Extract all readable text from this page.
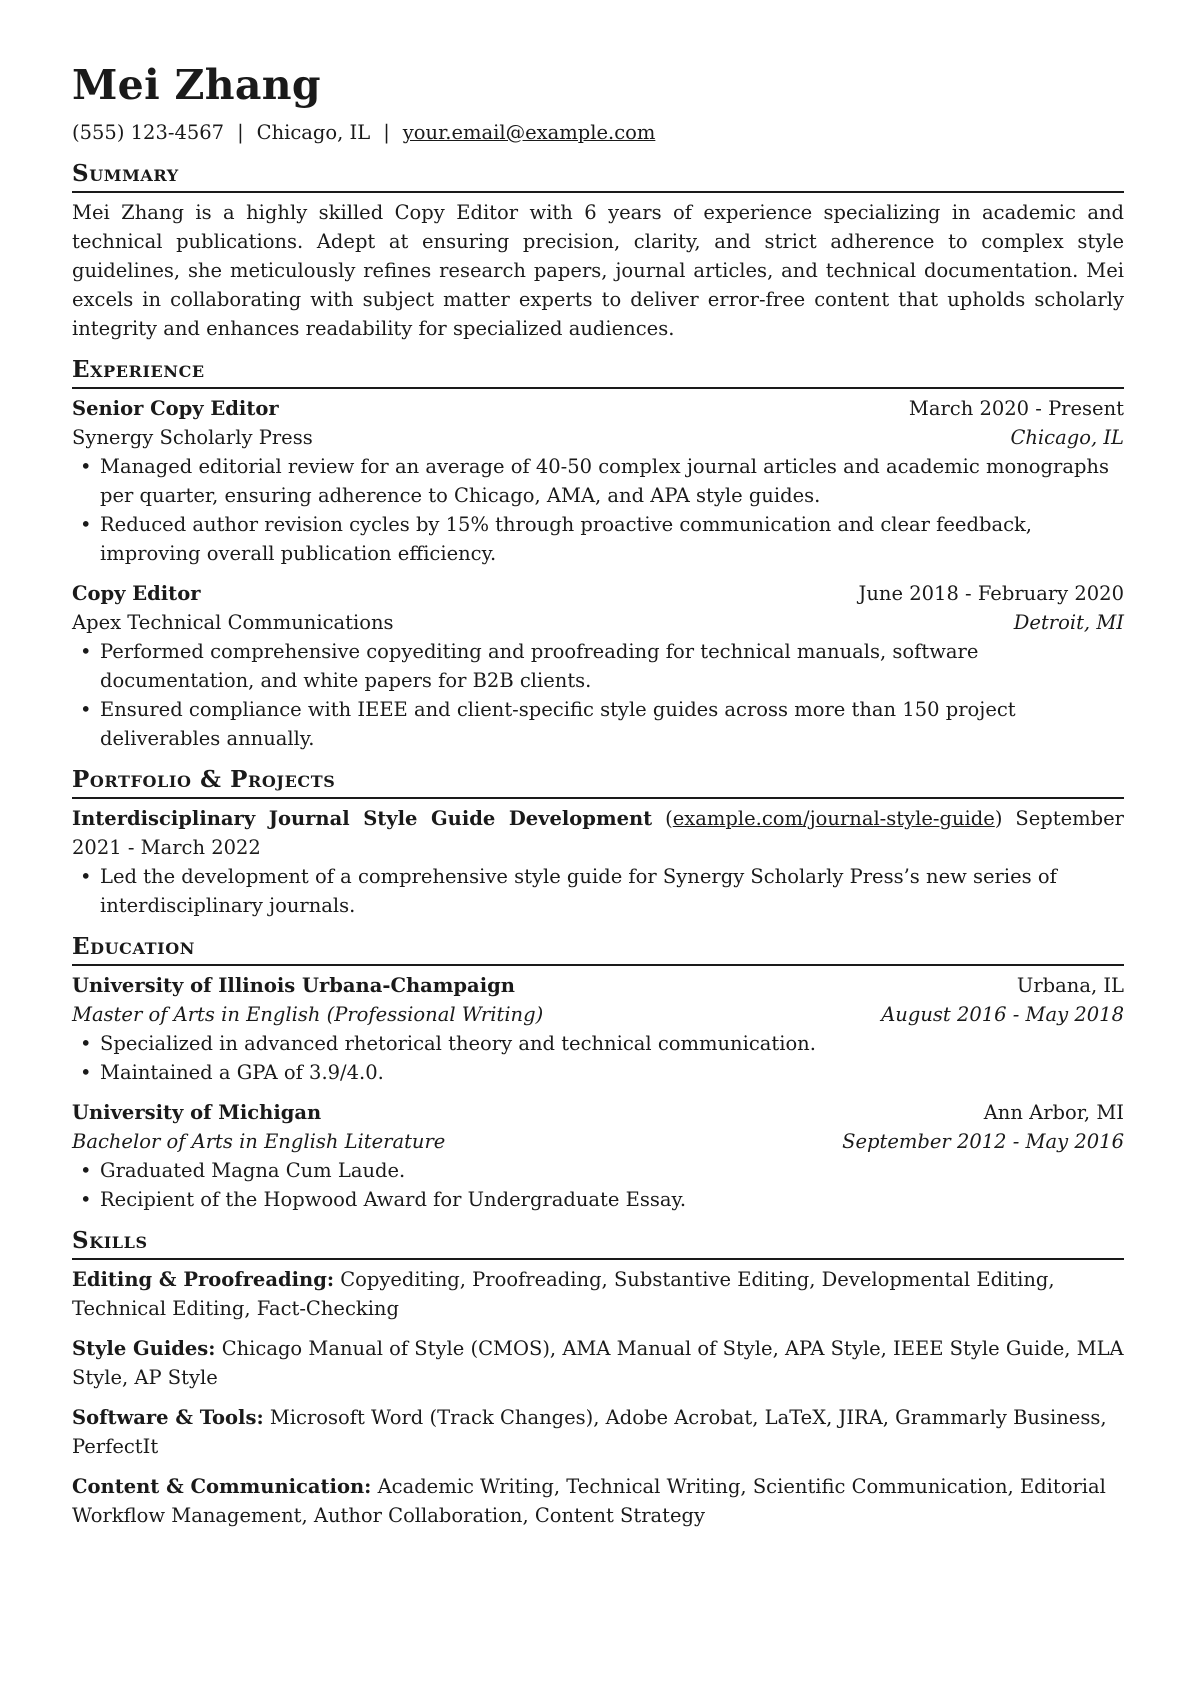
Mei Zhang
(555) 123-4567 | Chicago, IL | your.email@example.com
Summary

Mei Zhang is a highly skilled Copy Editor with 6 years of experience specializing in academic and technical publications. Adept at ensuring precision, clarity, and strict adherence to complex style guidelines, she meticulously refines research papers, journal articles, and technical documentation. Mei excels in collaborating with subject matter experts to deliver error-free content that upholds scholarly integrity and enhances readability for specialized audiences.

Experience
Senior Copy Editor	March 2020 - Present
Synergy Scholarly Press	Chicago, IL
• Managed editorial review for an average of 40-50 complex journal articles and academic monographs per quarter, ensuring adherence to Chicago, AMA, and APA style guides.
• Reduced author revision cycles by 15% through proactive communication and clear feedback, improving overall publication efficiency.
Copy Editor	June 2018 - February 2020
Apex Technical Communications	Detroit, MI
• Performed comprehensive copyediting and proofreading for technical manuals, software documentation, and white papers for B2B clients.
• Ensured compliance with IEEE and client-specific style guides across more than 150 project deliverables annually.
Portfolio & Projects
Interdisciplinary Journal Style Guide Development (example.com/journal-style-guide)
September 2021 - March 2022
• Led the development of a comprehensive style guide for Synergy Scholarly Press’s new series of interdisciplinary journals.
Education
University of Illinois Urbana-Champaign	Urbana, IL
Master of Arts in English (Professional Writing)	August 2016 - May 2018
• Specialized in advanced rhetorical theory and technical communication.
• Maintained a GPA of 3.9/4.0.
University of Michigan	Ann Arbor, MI
Bachelor of Arts in English Literature	September 2012 - May 2016
• Graduated Magna Cum Laude.
• Recipient of the Hopwood Award for Undergraduate Essay.
Skills
Editing & Proofreading: Copyediting, Proofreading, Substantive Editing, Developmental Editing, Technical Editing, Fact-Checking
Style Guides: Chicago Manual of Style (CMOS), AMA Manual of Style, APA Style, IEEE Style Guide, MLA Style, AP Style
Software & Tools: Microsoft Word (Track Changes), Adobe Acrobat, LaTeX, JIRA, Grammarly Business, PerfectIt
Content & Communication: Academic Writing, Technical Writing, Scientific Communication, Editorial Workflow Management, Author Collaboration, Content Strategy
